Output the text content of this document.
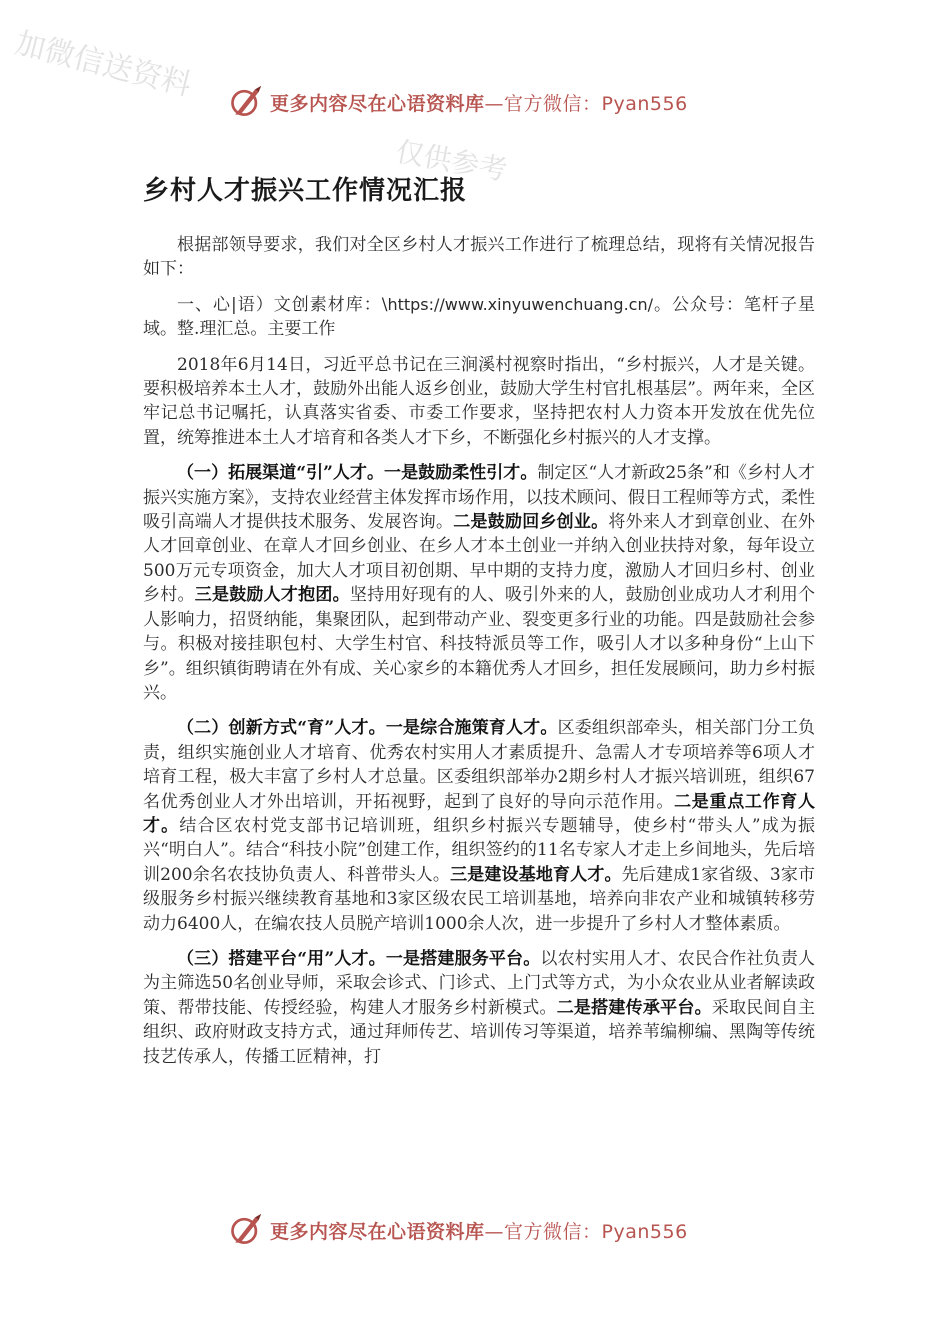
加微信送资料
仅供参考
更多内容尽在心语资料库—官方微信：Pyan556
乡村人才振兴工作情况汇报

根据部领导要求，我们对全区乡村人才振兴工作进行了梳理总结，现将有关情况报告如下：

一、心|语）文创素材库：\https://www.xinyuwenchuang.cn/。公众号：笔杆子星域。整.理汇总。主要工作

2018年6月14日，习近平总书记在三涧溪村视察时指出，“乡村振兴，人才是关键。要积极培养本土人才，鼓励外出能人返乡创业，鼓励大学生村官扎根基层”。两年来，全区牢记总书记嘱托，认真落实省委、市委工作要求，坚持把农村人力资本开发放在优先位置，统筹推进本土人才培育和各类人才下乡，不断强化乡村振兴的人才支撑。

（一）拓展渠道“引”人才。一是鼓励柔性引才。制定区“人才新政25条”和《乡村人才振兴实施方案》，支持农业经营主体发挥市场作用，以技术顾问、假日工程师等方式，柔性吸引高端人才提供技术服务、发展咨询。二是鼓励回乡创业。将外来人才到章创业、在外人才回章创业、在章人才回乡创业、在乡人才本土创业一并纳入创业扶持对象，每年设立500万元专项资金，加大人才项目初创期、早中期的支持力度，激励人才回归乡村、创业乡村。三是鼓励人才抱团。坚持用好现有的人、吸引外来的人，鼓励创业成功人才利用个人影响力，招贤纳能，集聚团队，起到带动产业、裂变更多行业的功能。四是鼓励社会参与。积极对接挂职包村、大学生村官、科技特派员等工作，吸引人才以多种身份“上山下乡”。组织镇街聘请在外有成、关心家乡的本籍优秀人才回乡，担任发展顾问，助力乡村振兴。

（二）创新方式“育”人才。一是综合施策育人才。区委组织部牵头，相关部门分工负责，组织实施创业人才培育、优秀农村实用人才素质提升、急需人才专项培养等6项人才培育工程，极大丰富了乡村人才总量。区委组织部举办2期乡村人才振兴培训班，组织67名优秀创业人才外出培训，开拓视野，起到了良好的导向示范作用。二是重点工作育人才。结合区农村党支部书记培训班，组织乡村振兴专题辅导，使乡村“带头人”成为振兴“明白人”。结合“科技小院”创建工作，组织签约的11名专家人才走上乡间地头，先后培训200余名农技协负责人、科普带头人。三是建设基地育人才。先后建成1家省级、3家市级服务乡村振兴继续教育基地和3家区级农民工培训基地，培养向非农产业和城镇转移劳动力6400人，在编农技人员脱产培训1000余人次，进一步提升了乡村人才整体素质。

（三）搭建平台“用”人才。一是搭建服务平台。以农村实用人才、农民合作社负责人为主筛选50名创业导师，采取会诊式、门诊式、上门式等方式，为小众农业从业者解读政策、帮带技能、传授经验，构建人才服务乡村新模式。二是搭建传承平台。采取民间自主组织、政府财政支持方式，通过拜师传艺、培训传习等渠道，培养苇编柳编、黑陶等传统技艺传承人，传播工匠精神，打

更多内容尽在心语资料库—官方微信：Pyan556
